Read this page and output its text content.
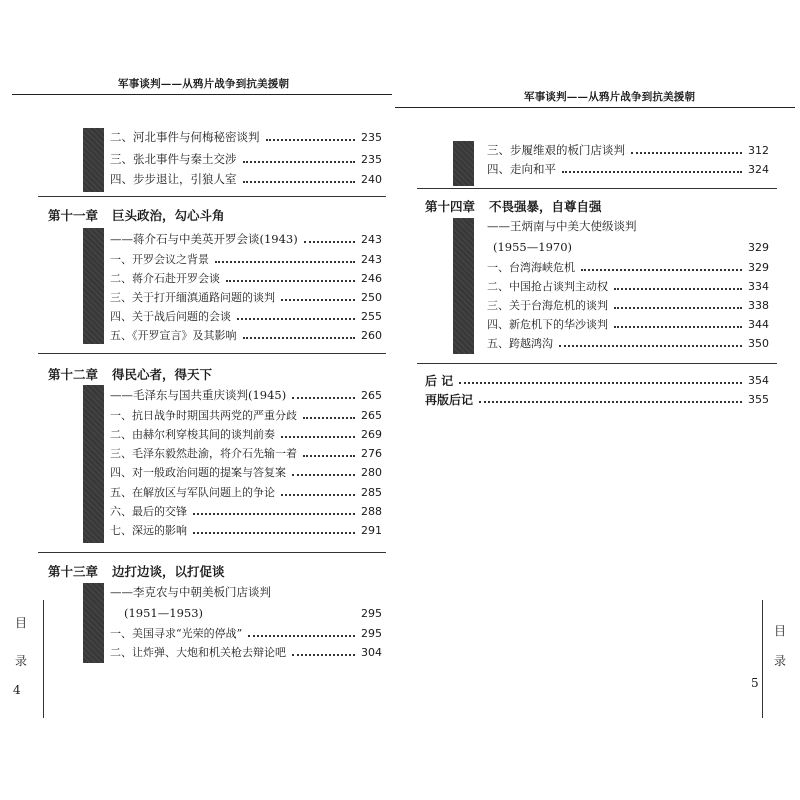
军事谈判——从鸦片战争到抗美援朝
二、河北事件与何梅秘密谈判	235
三、张北事件与秦土交涉	235
四、步步退让，引狼人室	240
第十一章 巨头政治，勾心斗角
——蒋介石与中美英开罗会谈(1943)	243
一、开罗会议之背景	243
二、蒋介石赴开罗会谈	246
三、关于打开缅滇通路问题的谈判	250
四、关于战后问题的会谈	255
五、《开罗宣言》及其影响	260
第十二章 得民心者，得天下
——毛泽东与国共重庆谈判(1945)	265
一、抗日战争时期国共两党的严重分歧	265
二、由赫尔利穿梭其间的谈判前奏	269
三、毛泽东毅然赴渝，将介石先输一着	276
四、对一般政治问题的提案与答复案	280
五、在解放区与军队问题上的争论	285
六、最后的交锋	288
七、深远的影响	291
第十三章 边打边谈，以打促谈
——李克农与中朝美板门店谈判
(1951—1953)	295
一、美国寻求“光荣的停战”	295
二、让炸弹、大炮和机关枪去辩论吧	304
目
录
4
军事谈判——从鸦片战争到抗美援朝
三、步履维艰的板门店谈判	312
四、走向和平	324
第十四章 不畏强暴，自尊自强
——王炳南与中美大使级谈判
(1955—1970)	329
一、台湾海峡危机	329
二、中国抢占谈判主动权	334
三、关于台海危机的谈判	338
四、新危机下的华沙谈判	344
五、跨越鸿沟	350
后 记	354
再版后记	355
目
录
5
